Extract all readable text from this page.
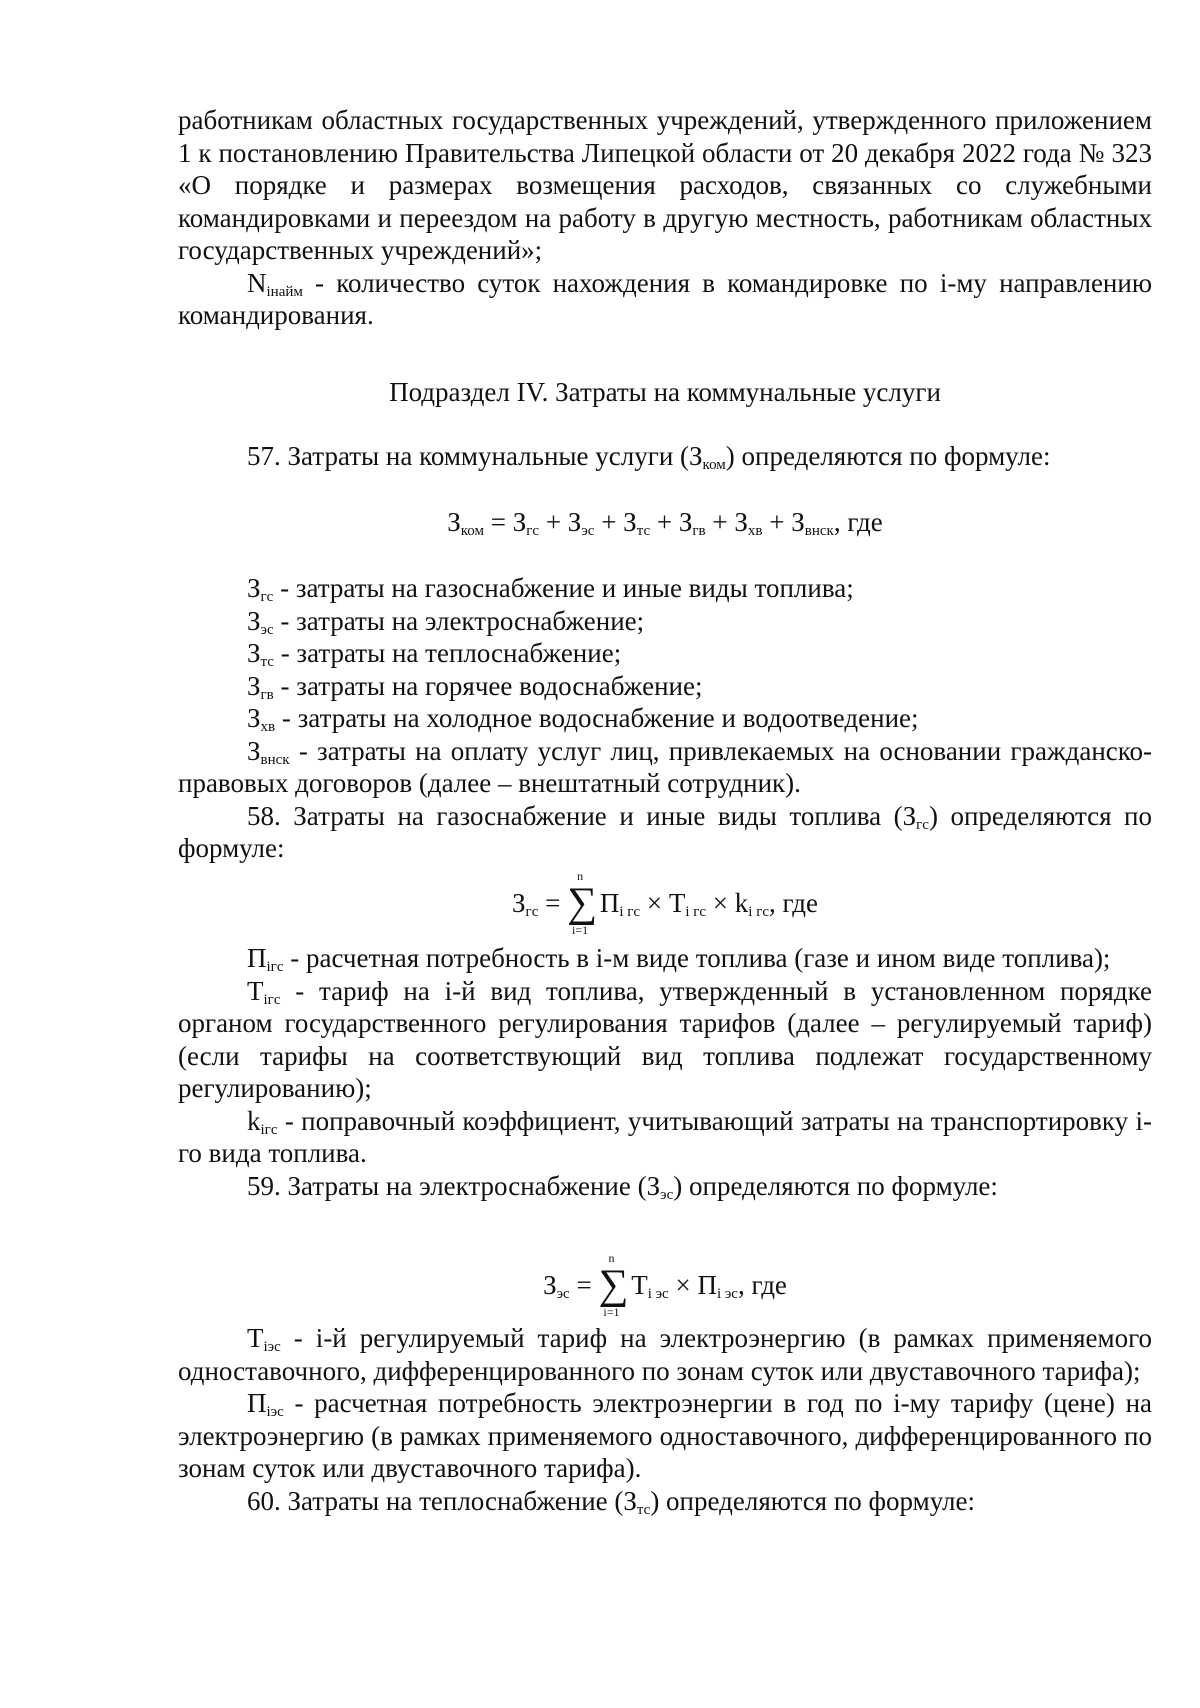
работникам областных государственных учреждений, утвержденного приложением 1 к постановлению Правительства Липецкой области от 20 декабря 2022 года № 323 «О порядке и размерах возмещения расходов, связанных со служебными командировками и переездом на работу в другую местность, работникам областных государственных учреждений»;

$N_{iнайм}$ - количество суток нахождения в командировке по i-му направлению командирования.

Подраздел IV. Затраты на коммунальные услуги

57. Затраты на коммунальные услуги $(З_{ком})$ определяются по формуле:

$З_{ком} = З_{гс} + З_{эс} + З_{тс} + З_{гв} + З_{хв} + З_{внск}$, где

$З_{гс}$ - затраты на газоснабжение и иные виды топлива;

$З_{эс}$ - затраты на электроснабжение;

$З_{тс}$ - затраты на теплоснабжение;

$З_{гв}$ - затраты на горячее водоснабжение;

$З_{хв}$ - затраты на холодное водоснабжение и водоотведение;

$З_{внск}$ - затраты на оплату услуг лиц, привлекаемых на основании гражданско-правовых договоров (далее – внештатный сотрудник).

58. Затраты на газоснабжение и иные виды топлива $(З_{гс})$ определяются по формуле:

$З_{гс}$ =
n
∑
i=1
$П_{i гс} \times Т_{i гс} \times k_{i гс}$, где

$П_{iгс}$ - расчетная потребность в i-м виде топлива (газе и ином виде топлива);

$Т_{iгс}$ - тариф на i-й вид топлива, утвержденный в установленном порядке органом государственного регулирования тарифов (далее – регулируемый тариф) (если тарифы на соответствующий вид топлива подлежат государственному регулированию);

$k_{iгс}$ - поправочный коэффициент, учитывающий затраты на транспортировку i-го вида топлива.

59. Затраты на электроснабжение $(З_{эс})$ определяются по формуле:

$З_{эс}$ =
n
∑
i=1
$Т_{i эс} \times П_{i эс}$, где

$Т_{iэс} - i-й$ регулируемый тариф на электроэнергию (в рамках применяемого одноставочного, дифференцированного по зонам суток или двуставочного тарифа);

$П_{iэс}$ - расчетная потребность электроэнергии в год по i-му тарифу (цене) на электроэнергию (в рамках применяемого одноставочного, дифференцированного по зонам суток или двуставочного тарифа).

60. Затраты на теплоснабжение $(З_{тс})$ определяются по формуле:
